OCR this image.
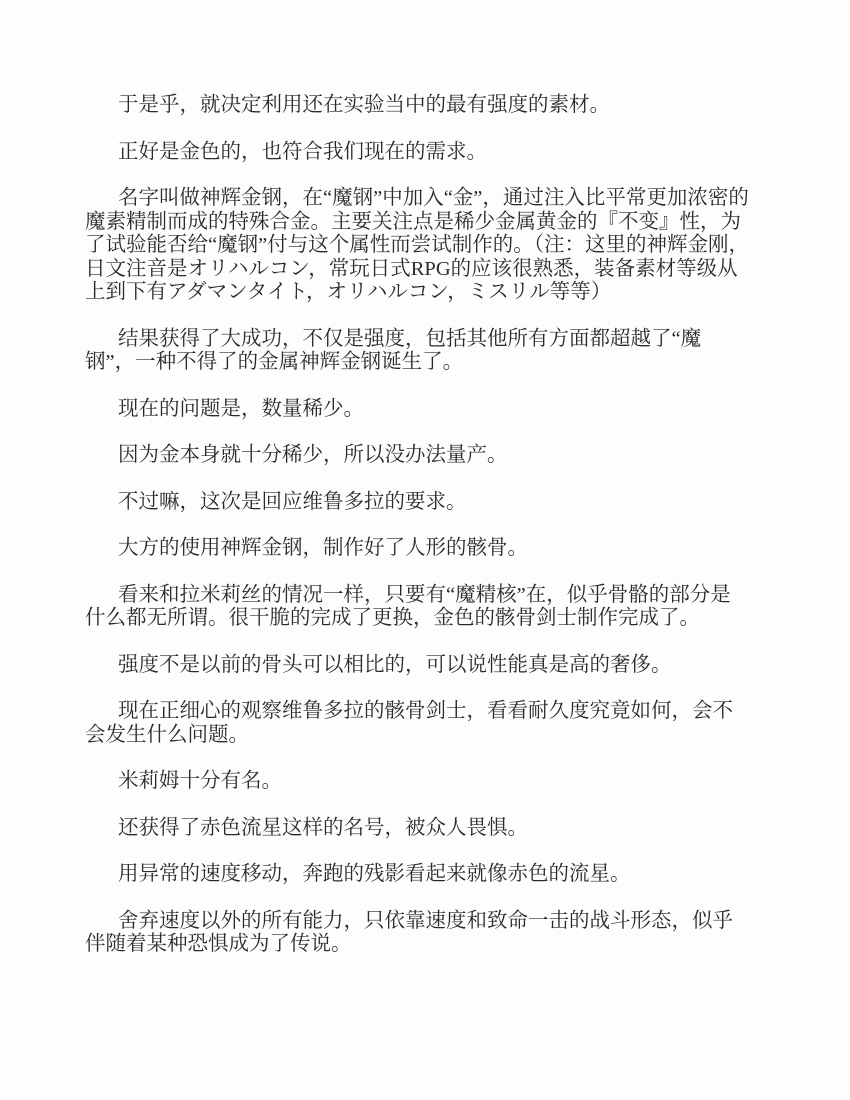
于是乎，就决定利用还在实验当中的最有强度的素材。

正好是金色的，也符合我们现在的需求。

名字叫做神辉金钢，在“魔钢”中加入“金”，通过注入比平常更加浓密的魔素精制而成的特殊合金。主要关注点是稀少金属黄金的『不变』性，为了试验能否给“魔钢”付与这个属性而尝试制作的。（注：这里的神辉金刚，日文注音是オリハルコン，常玩日式RPG的应该很熟悉，装备素材等级从上到下有アダマンタイト，オリハルコン，ミスリル等等）

结果获得了大成功，不仅是强度，包括其他所有方面都超越了“魔钢”，一种不得了的金属神辉金钢诞生了。

现在的问题是，数量稀少。

因为金本身就十分稀少，所以没办法量产。

不过嘛，这次是回应维鲁多拉的要求。

大方的使用神辉金钢，制作好了人形的骸骨。

看来和拉米莉丝的情况一样，只要有“魔精核”在，似乎骨骼的部分是什么都无所谓。很干脆的完成了更换，金色的骸骨剑士制作完成了。

强度不是以前的骨头可以相比的，可以说性能真是高的奢侈。

现在正细心的观察维鲁多拉的骸骨剑士，看看耐久度究竟如何，会不会发生什么问题。

米莉姆十分有名。

还获得了赤色流星这样的名号，被众人畏惧。

用异常的速度移动，奔跑的残影看起来就像赤色的流星。

舍弃速度以外的所有能力，只依靠速度和致命一击的战斗形态，似乎伴随着某种恐惧成为了传说。
